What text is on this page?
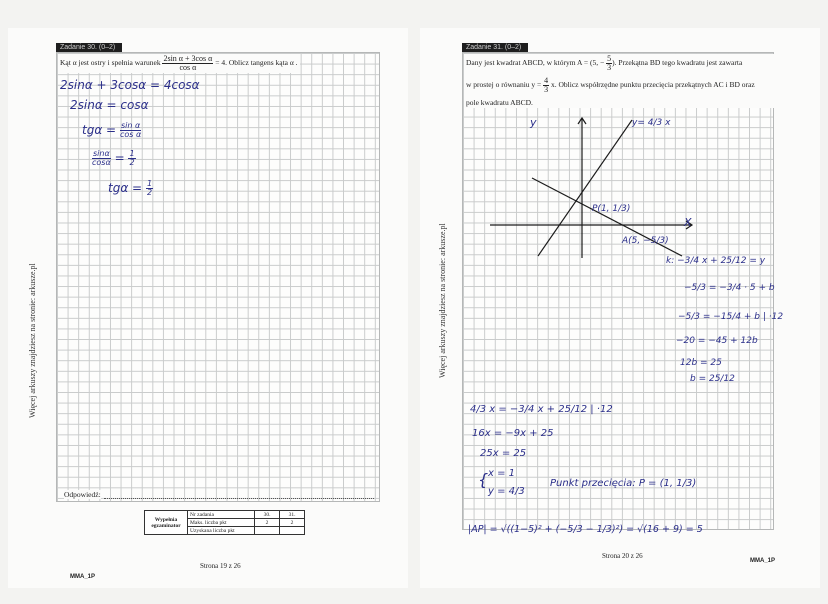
Więcej arkuszy znajdziesz na stronie: arkusze.pl
Zadanie 30. (0–2)
Kąt α jest ostry i spełnia warunek $\frac{\text{2sin α + 3cos α}}{\text{cos α}} = 4$. Oblicz tangens kąta α .
2sinα + 3cosα = 4cosα
2sinα = cosα
$tg\alpha = \frac{\text{sin α}}{\text{cos α}}$
$\frac{\sin\alpha}{\cos\alpha} = \frac{1}{2}$
$tg\alpha = \frac{1}{2}$
Odpowiedź:
Wypełnia egzaminator	Nr zadania	30.	31.
	Maks. liczba pkt	2	2
	Uzyskana liczba pkt		
Strona 19 z 26
MMA_1P
Więcej arkuszy znajdziesz na stronie: arkusze.pl
Zadanie 31. (0–2)
Dany jest kwadrat ABCD, w którym A = (5, − $\frac{5}{3}$ ). Przekątna BD tego kwadratu jest zawarta
w prostej o równaniu $y = \frac{4}{3} x$. Oblicz współrzędne punktu przecięcia przekątnych AC i BD oraz
pole kwadratu ABCD.
y
X
y= 4/3 x
P(1, 1/3)
A(5, −5/3)
k: −3/4 x + 25/12 = y
−5/3 = −3/4 · 5 + b
−5/3 = −15/4 + b | ·12
−20 = −45 + 12b
12b = 25
b = 25/12
4/3 x = −3/4 x + 25/12 | ·12
16x = −9x + 25
25x = 25
{ x = 1
y = 4/3
Punkt przecięcia: P = (1, 1/3)
|AP| = √((1−5)² + (−5/3 − 1/3)²) = √(16 + 9) = 5
Strona 20 z 26
MMA_1P
